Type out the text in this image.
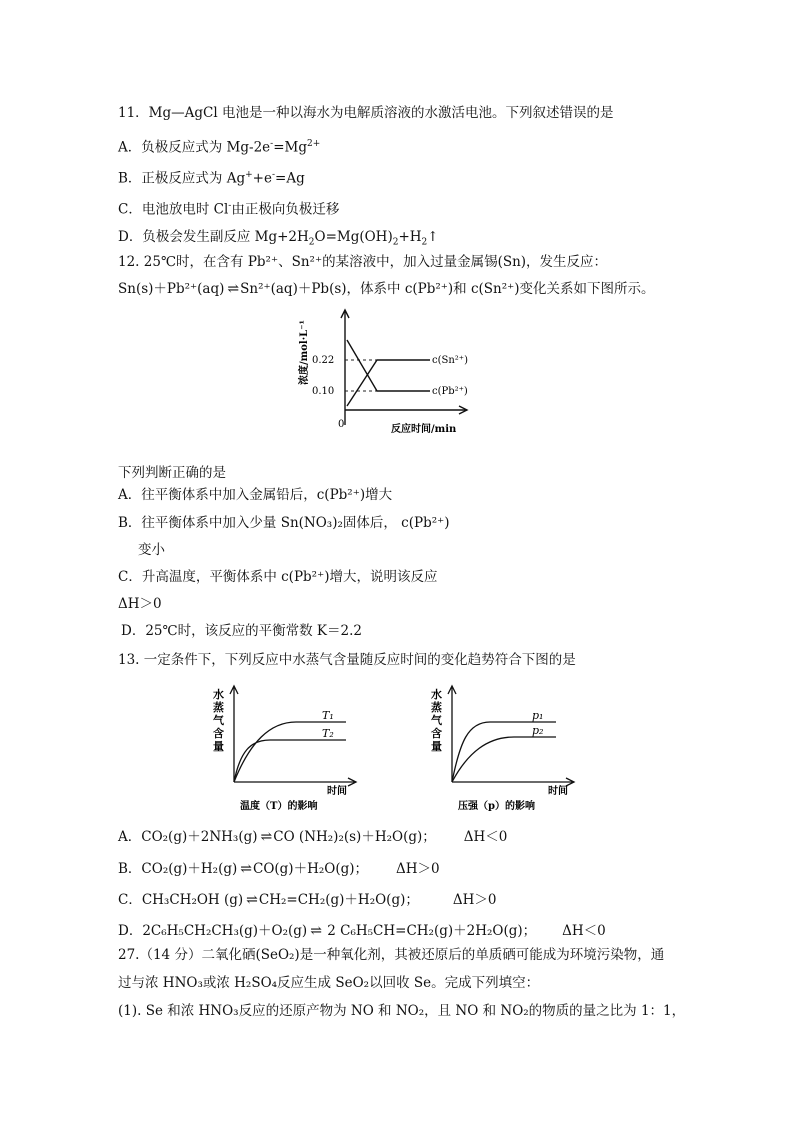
11．Mg—AgCl 电池是一种以海水为电解质溶液的水激活电池。下列叙述错误的是
A．负极反应式为 $Mg-2e^-=Mg^{2+}$
B．正极反应式为 Ag++e-=Ag
C．电池放电时 Cl-由正极向负极迁移
D．负极会发生副反应 $Mg+2H_2O=Mg(OH)_2+H_2↑$
12. 25℃时，在含有 Pb²⁺、Sn²⁺的某溶液中，加入过量金属锡(Sn)，发生反应：
Sn(s)＋Pb²⁺(aq) ⇌ Sn²⁺(aq)＋Pb(s)，体系中 c(Pb²⁺)和 c(Sn²⁺)变化关系如下图所示。
0.22
0.10
0
c(Sn²⁺)
c(Pb²⁺)
反应时间/min
浓度/mol·L⁻¹
下列判断正确的是
A．往平衡体系中加入金属铅后，c(Pb²⁺)增大
B．往平衡体系中加入少量 Sn(NO₃)₂固体后， c(Pb²⁺)
变小
C．升高温度，平衡体系中 c(Pb²⁺)增大，说明该反应
ΔH＞0
D．25℃时，该反应的平衡常数 K＝2.2
13. 一定条件下，下列反应中水蒸气含量随反应时间的变化趋势符合下图的是
水蒸气含量
T₁
T₂
时间
温度（T）的影响
水蒸气含量
p₁
p₂
时间
压强（p）的影响
A．CO₂(g)＋2NH₃(g) ⇌ CO (NH₂)₂(s)＋H₂O(g)； ΔH＜0
B．CO₂(g)＋H₂(g) ⇌ CO(g)＋H₂O(g)； ΔH＞0
C．CH₃CH₂OH (g) ⇌ CH₂=CH₂(g)＋H₂O(g)；	ΔH＞0
D．2C₆H₅CH₂CH₃(g)＋O₂(g) ⇌ 2 C₆H₅CH=CH₂(g)＋2H₂O(g)； ΔH＜0
27.（14 分）二氧化硒(SeO₂)是一种氧化剂，其被还原后的单质硒可能成为环境污染物，通
过与浓 HNO₃或浓 H₂SO₄反应生成 SeO₂以回收 Se。完成下列填空：
(1). Se 和浓 HNO₃反应的还原产物为 NO 和 NO₂，且 NO 和 NO₂的物质的量之比为 1：1，
